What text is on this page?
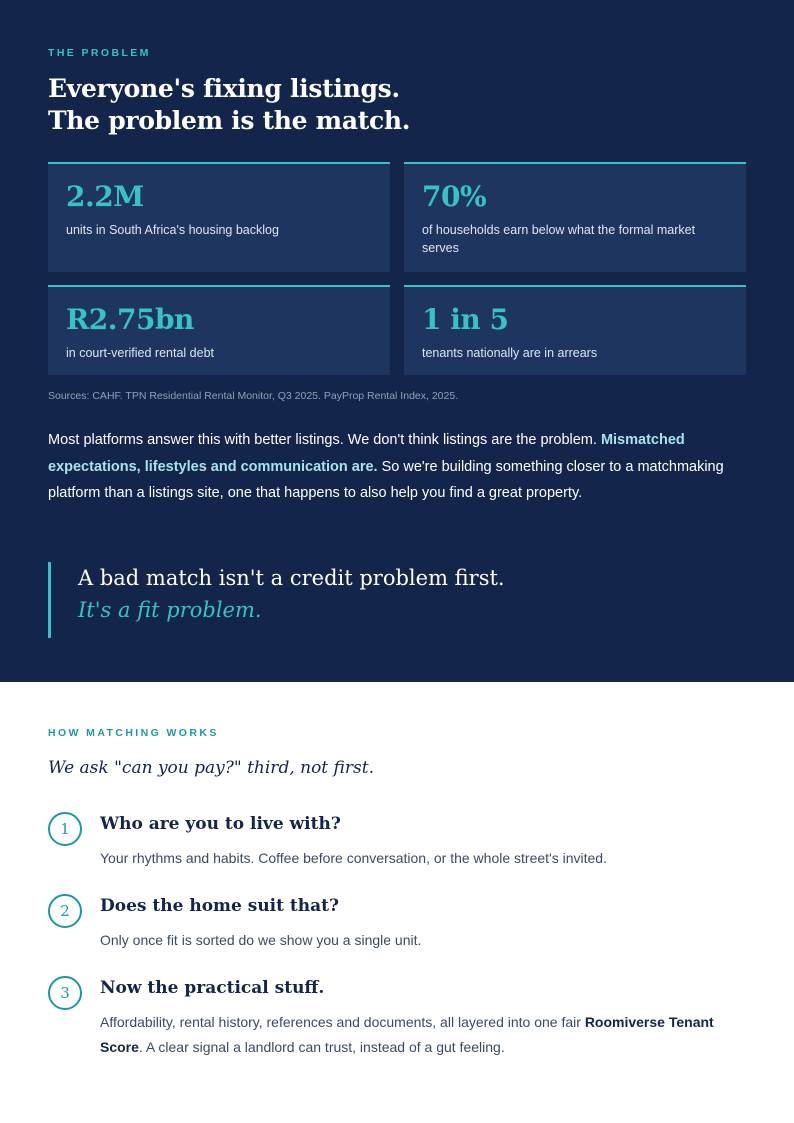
THE PROBLEM
Everyone's fixing listings.
The problem is the match.
2.2M
units in South Africa's housing backlog
70%
of households earn below what the formal market serves
R2.75bn
in court-verified rental debt
1 in 5
tenants nationally are in arrears
Sources: CAHF. TPN Residential Rental Monitor, Q3 2025. PayProp Rental Index, 2025.

Most platforms answer this with better listings. We don't think listings are the problem. Mismatched expectations, lifestyles and communication are. So we're building something closer to a matchmaking platform than a listings site, one that happens to also help you find a great property.

A bad match isn't a credit problem first.
It's a fit problem.
HOW MATCHING WORKS
We ask "can you pay?" third, not first.
1	Who are you to live with?
Your rhythms and habits. Coffee before conversation, or the whole street's invited.
2	Does the home suit that?
Only once fit is sorted do we show you a single unit.
3	Now the practical stuff.
Affordability, rental history, references and documents, all layered into one fair Roomiverse Tenant Score. A clear signal a landlord can trust, instead of a gut feeling.
